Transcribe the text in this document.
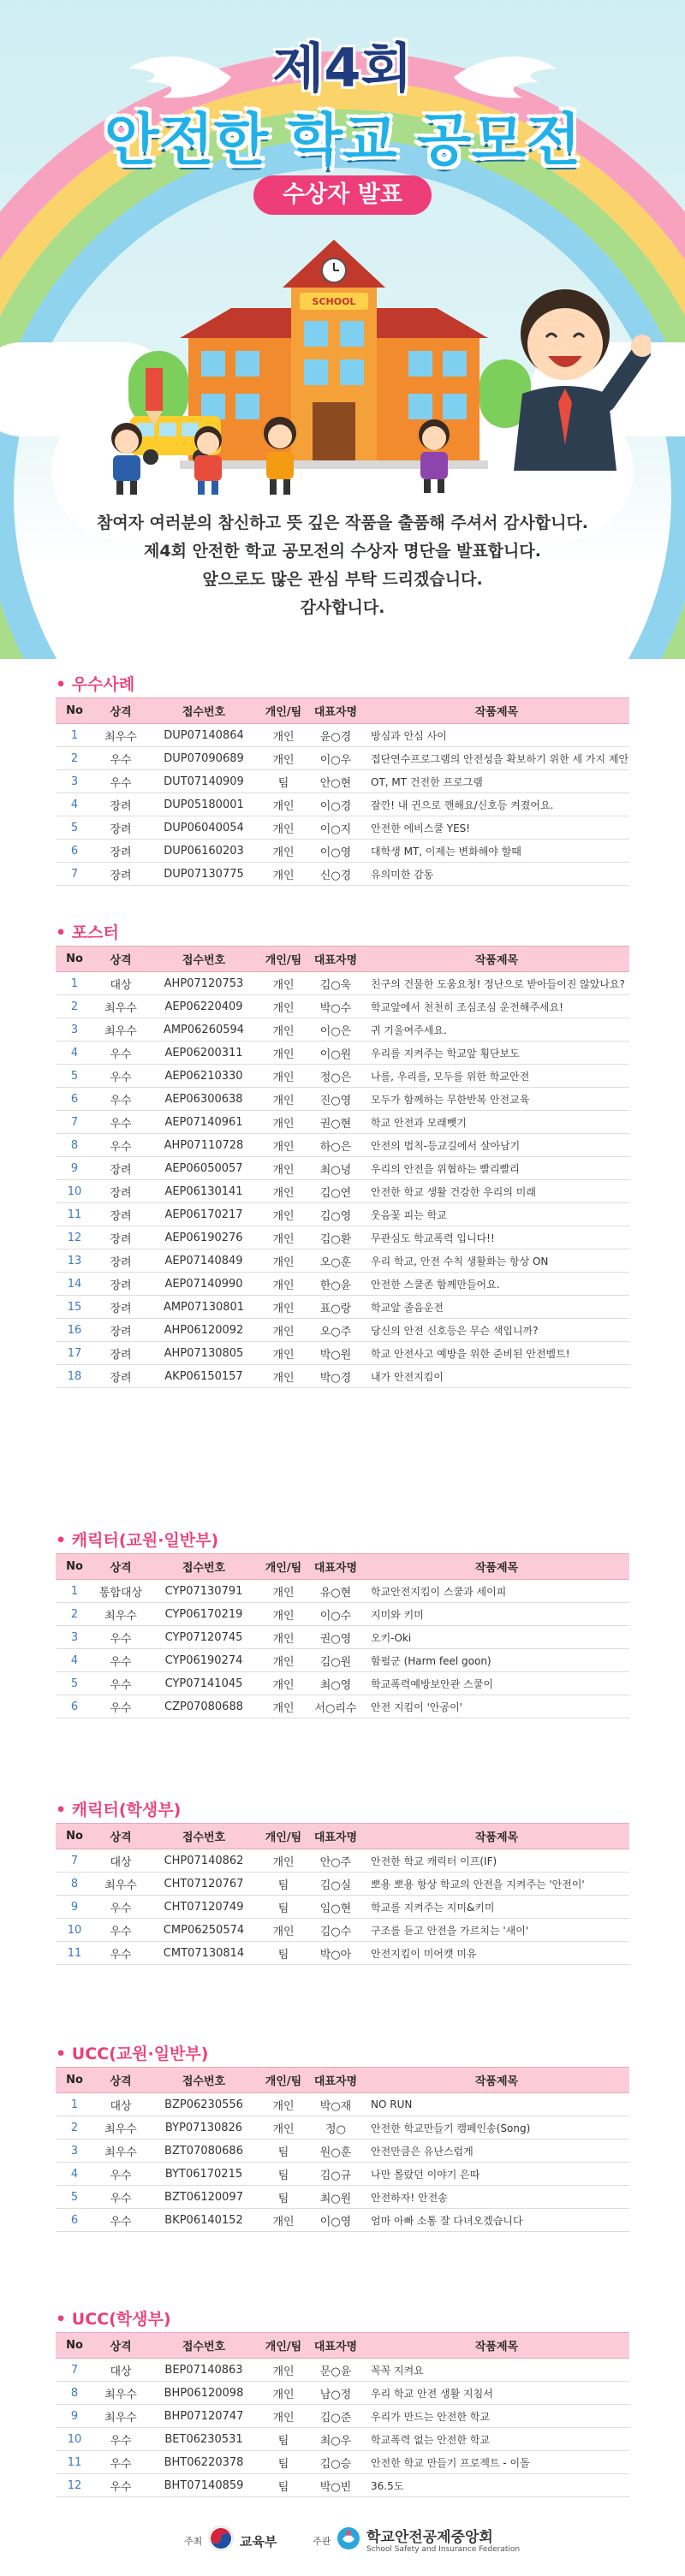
제4회
안전한 학교 공모전
수상자 발표
SCHOOL
참여자 여러분의 참신하고 뜻 깊은 작품을 출품해 주셔서 감사합니다.
제4회 안전한 학교 공모전의 수상자 명단을 발표합니다.
앞으로도 많은 관심 부탁 드리겠습니다.
감사합니다.
• 우수사례
No	상격	접수번호	개인/팀	대표자명	작품제목
1	최우수	DUP07140864	개인	윤○경	방심과 안심 사이
2	우수	DUP07090689	개인	이○우	접단연수프로그램의 안전성을 확보하기 위한 세 가지 제안
3	우수	DUT07140909	팀	안○현	OT, MT 건전한 프로그램
4	장려	DUP05180001	개인	이○경	잠깐! 내 귄으로 깬해요/신호등 켜졌어요.
5	장려	DUP06040054	개인	이○지	안전한 에비스쿨 YES!
6	장려	DUP06160203	개인	이○영	대학생 MT, 이제는 변화해야 할때
7	장려	DUP07130775	개인	신○경	유의미한 감동
• 포스터
No	상격	접수번호	개인/팀	대표자명	작품제목
1	대상	AHP07120753	개인	김○욱	친구의 건물한 도움요청! 정난으로 받아들이진 않았나요?
2	최우수	AEP06220409	개인	박○수	학교앞에서 천천히 조심조심 운전해주세요!
3	최우수	AMP06260594	개인	이○은	귀 기울여주세요.
4	우수	AEP06200311	개인	이○원	우리를 지켜주는 학교앞 횡단보도
5	우수	AEP06210330	개인	정○은	나를, 우리를, 모두를 위한 학교안전
6	우수	AEP06300638	개인	진○영	모두가 함께하는 무한반복 안전교육
7	우수	AEP07140961	개인	권○현	학교 안전과 모래뺏기
8	우수	AHP07110728	개인	하○은	안전의 법칙-등교길에서 살아남기
9	장려	AEP06050057	개인	최○녕	우리의 안전을 위협하는 빨리빨리
10	장려	AEP06130141	개인	김○연	안전한 학교 생활 건강한 우리의 미래
11	장려	AEP06170217	개인	김○영	웃음꽃 피는 학교
12	장려	AEP06190276	개인	김○환	무관심도 학교폭력 입니다!!
13	장려	AEP07140849	개인	오○훈	우리 학교, 안전 수칙 생활화는 항상 ON
14	장려	AEP07140990	개인	한○윤	안전한 스쿨존 함께만들어요.
15	장려	AMP07130801	개인	표○랑	학교앞 졸음운전
16	장려	AHP06120092	개인	오○주	당신의 안전 신호등은 무슨 색입니까?
17	장려	AHP07130805	개인	박○원	학교 안전사고 예방을 위한 준비된 안전벨트!
18	장려	AKP06150157	개인	박○경	내가 안전지킴이
• 캐릭터(교원·일반부)
No	상격	접수번호	개인/팀	대표자명	작품제목
1	통합대상	CYP07130791	개인	유○현	학교안전지킴이 스쿨과 세이피
2	최우수	CYP06170219	개인	이○수	지미와 키미
3	우수	CYP07120745	개인	권○영	오키-Oki
4	우수	CYP06190274	개인	김○원	함펄군 (Harm feel goon)
5	우수	CYP07141045	개인	최○영	학교폭력예방보안관 스쿨이
6	우수	CZP07080688	개인	서○리수	안전 지킴이 '안공이'
• 캐릭터(학생부)
No	상격	접수번호	개인/팀	대표자명	작품제목
7	대상	CHP07140862	개인	안○주	안전한 학교 캐릭터 이프(IF)
8	최우수	CHT07120767	팀	김○실	뽀용 뽀용 항상 학교의 안전을 지켜주는 '안전이'
9	우수	CHT07120749	팀	임○현	학교를 지켜주는 지미&키미
10	우수	CMP06250574	개인	김○수	구조를 듣고 안전을 가르치는 '새이'
11	우수	CMT07130814	팀	박○아	안전지킴이 미어캣 미유
• UCC(교원·일반부)
No	상격	접수번호	개인/팀	대표자명	작품제목
1	대상	BZP06230556	개인	박○재	NO RUN
2	최우수	BYP07130826	개인	정○	안전한 학교만들기 캠페인송(Song)
3	최우수	BZT07080686	팀	원○훈	안전만큼은 유난스럽게
4	우수	BYT06170215	팀	김○규	나만 몰랐던 이야기 은따
5	우수	BZT06120097	팀	최○원	안전하자! 안전송
6	우수	BKP06140152	개인	이○영	엄마 아빠 소통 잘 다녀오겠습니다
• UCC(학생부)
No	상격	접수번호	개인/팀	대표자명	작품제목
7	대상	BEP07140863	개인	문○윤	꼭꼭 지켜요
8	최우수	BHP06120098	개인	남○정	우리 학교 안전 생활 지침서
9	최우수	BHP07120747	개인	김○준	우리가 만드는 안전한 학교
10	우수	BET06230531	팀	최○우	학교폭력 없는 안전한 학교
11	우수	BHT06220378	팀	김○승	안전한 학교 만들기 프로젝트 - 이돌
12	우수	BHT07140859	팀	박○빈	36.5도
주최	교육부	주관 학교안전공제중앙회
School Safety and Insurance Federation
